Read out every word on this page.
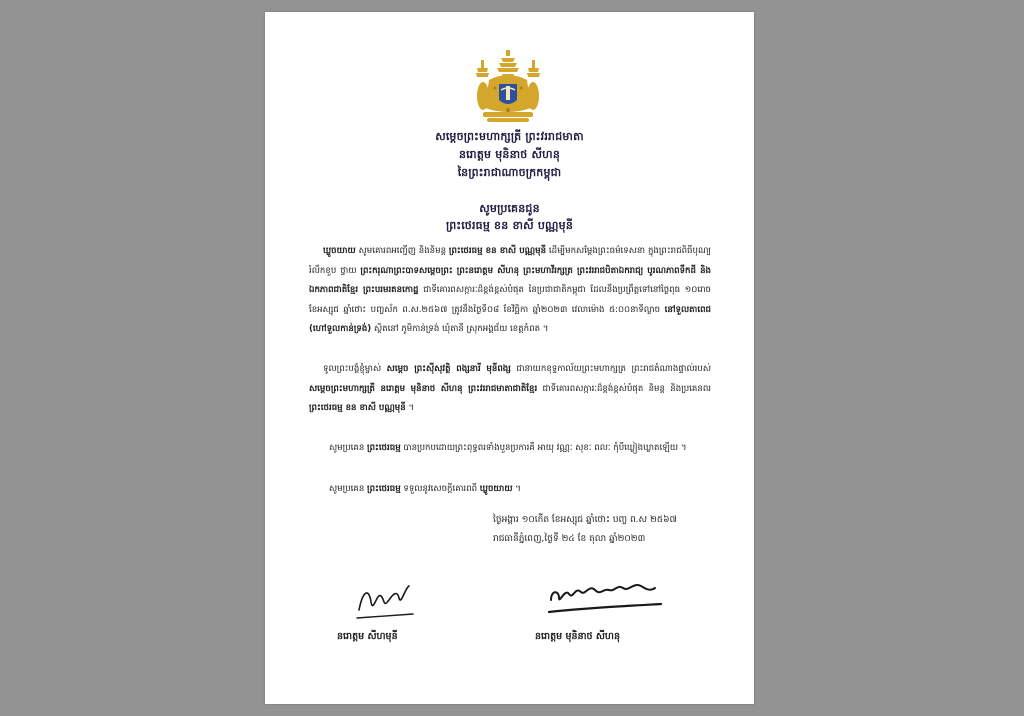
សម្ដេចព្រះមហាក្សត្រី ព្រះវររាជមាតា
នរោត្ដម មុនិនាថ សីហនុ
នៃព្រះរាជាណាចក្រកម្ពុជា
សូមប្រគេនជូន
ព្រះថេរធម្ម ខន ខាសី បណ្ណមុនី
ឃ្លូចយាយ សូមគោរពអញ្ជើញ និងនិមន្ត ព្រះថេរធម្ម ខន ខាសី បណ្ណមុនី ដើម្បីមកសម្ដែងព្រះធម៌ទេសនា ក្នុងព្រះរាជពិធីបុណ្យរំលឹកខួប ថ្វាយ ព្រះករុណាព្រះបាទសម្ដេចព្រះ ព្រះនរោត្ដម សីហនុ ព្រះមហាវីរក្សត្រ ព្រះវររាជបិតាឯករាជ្យ បូរណភាពទឹកដី និងឯកភាពជាតិខ្មែរ ព្រះបរមរតនកោដ្ឋ ជាទីគោរពសក្ការៈដ៏ខ្ពង់ខ្ពស់បំផុត នៃប្រជាជាតិកម្ពុជា ដែលនឹងប្រព្រឹត្តទៅនៅថ្ងៃពុធ ១០រោច ខែអស្សុជ ឆ្នាំថោះ បញ្ចស័ក ព.ស.២៥៦៧ ត្រូវនឹងថ្ងៃទី០៨ ខែវិច្ឆិកា ឆ្នាំ២០២៣ វេលាម៉ោង ៥:០០នាទីល្ងាច នៅទួលតាពេជ (ហៅទួលកាន់ទ្រង់) ស្ថិតនៅ ភូមិកាន់ទ្រង់ ឃុំតានី ស្រុកអង្គជ័យ ខេត្តកំពត ។
ទូលព្រះបង្គំខ្ញុំម្ចាស់ សម្ដេច ព្រះស៊ីសុវត្ថិ ពង្សនារី មុនីពង្ស ជានាយកខុទ្ទកាល័យព្រះមហាក្សត្រ ព្រះរាជតំណាងផ្ទាល់របស់ សម្ដេចព្រះមហាក្សត្រី នរោត្ដម មុនិនាថ សីហនុ ព្រះវររាជមាតាជាតិខ្មែរ ជាទីគោរពសក្ការៈដ៏ខ្ពង់ខ្ពស់បំផុត និមន្ត និងប្រគេនពរ ព្រះថេរធម្ម ខន ខាសី បណ្ណមុនី ។
សូមប្រគេន ព្រះថេរធម្ម បានប្រកបដោយព្រះពុទ្ធពរទាំងបួនប្រការគឺ អាយុ វណ្ណៈ សុខៈ ពលៈ កុំបីឃ្លៀងឃ្លាតឡើយ ។
សូមប្រគេន ព្រះថេរធម្ម ទទួលនូវសេចក្ដីគោរពពី ឃ្លូចយាយ ។
ថ្ងៃអង្គារ ១០កើត ខែអស្សុជ ឆ្នាំថោះ បញ្ច ព.ស ២៥៦៧
រាជធានីភ្នំពេញ,ថ្ងៃទី ២៤ ខែ តុលា ឆ្នាំ២០២៣
នរោត្ដម សីហមុនី	នរោត្ដម មុនិនាថ សីហនុ
